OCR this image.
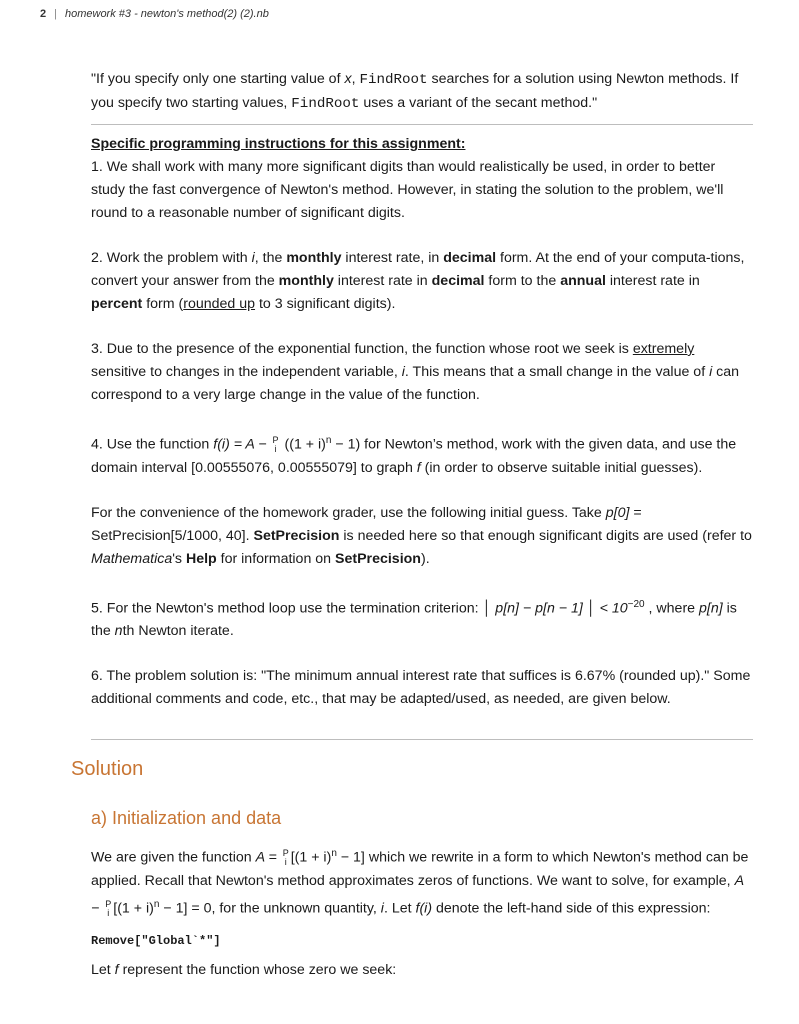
2 | homework #3 - newton's method(2) (2).nb

"If you specify only one starting value of x, FindRoot searches for a solution using Newton methods. If you specify two starting values, FindRoot uses a variant of the secant method."

Specific programming instructions for this assignment:

1. We shall work with many more significant digits than would realistically be used, in order to better study the fast convergence of Newton's method. However, in stating the solution to the problem, we'll round to a reasonable number of significant digits.

2. Work the problem with i, the monthly interest rate, in decimal form. At the end of your computa-tions, convert your answer from the monthly interest rate in decimal form to the annual interest rate in percent form (rounded up to 3 significant digits).

3. Due to the presence of the exponential function, the function whose root we seek is extremely sensitive to changes in the independent variable, i. This means that a small change in the value of i can correspond to a very large change in the value of the function.

4. Use the function f(i) = A − P
i $((1 + i)^n - 1)$ for Newton’s method, work with the given data, and use the domain interval [0.00555076, 0.00555079] to graph f (in order to observe suitable initial guesses).

For the convenience of the homework grader, use the following initial guess. Take p[0] = SetPrecision[5/1000, 40]. SetPrecision is needed here so that enough significant digits are used (refer to Mathematica's Help for information on SetPrecision).

5. For the Newton's method loop use the termination criterion: │ p[n] − p[n − 1] │ < $10^{-20}$ , where p[n] is the nth Newton iterate.

6. The problem solution is: "The minimum annual interest rate that suffices is 6.67% (rounded up)." Some additional comments and code, etc., that may be adapted/used, as needed, are given below.

Solution
a) Initialization and data

We are given the function A = P
i $[(1 + i)^n - 1]$ which we rewrite in a form to which Newton's method can be applied. Recall that Newton's method approximates zeros of functions. We want to solve, for example, A − P
i $[(1 + i)^n - 1] = 0$, for the unknown quantity, i. Let f(i) denote the left-hand side of this expression:

Remove["Global`*"]

Let f represent the function whose zero we seek:
